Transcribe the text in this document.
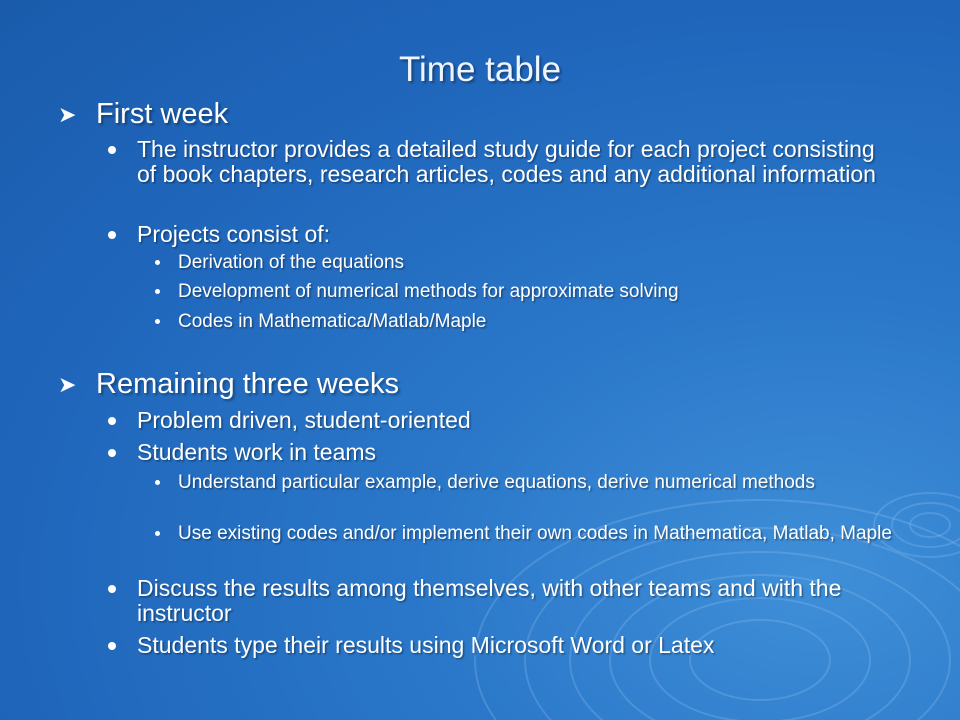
Time table
➤ First week
The instructor provides a detailed study guide for each project consisting of book chapters, research articles, codes and any additional information
Projects consist of:
Derivation of the equations
Development of numerical methods for approximate solving
Codes in Mathematica/Matlab/Maple
➤ Remaining three weeks
Problem driven, student-oriented
Students work in teams
Understand particular example, derive equations, derive numerical methods
Use existing codes and/or implement their own codes in Mathematica, Matlab, Maple
Discuss the results among themselves, with other teams and with the instructor
Students type their results using Microsoft Word or Latex
